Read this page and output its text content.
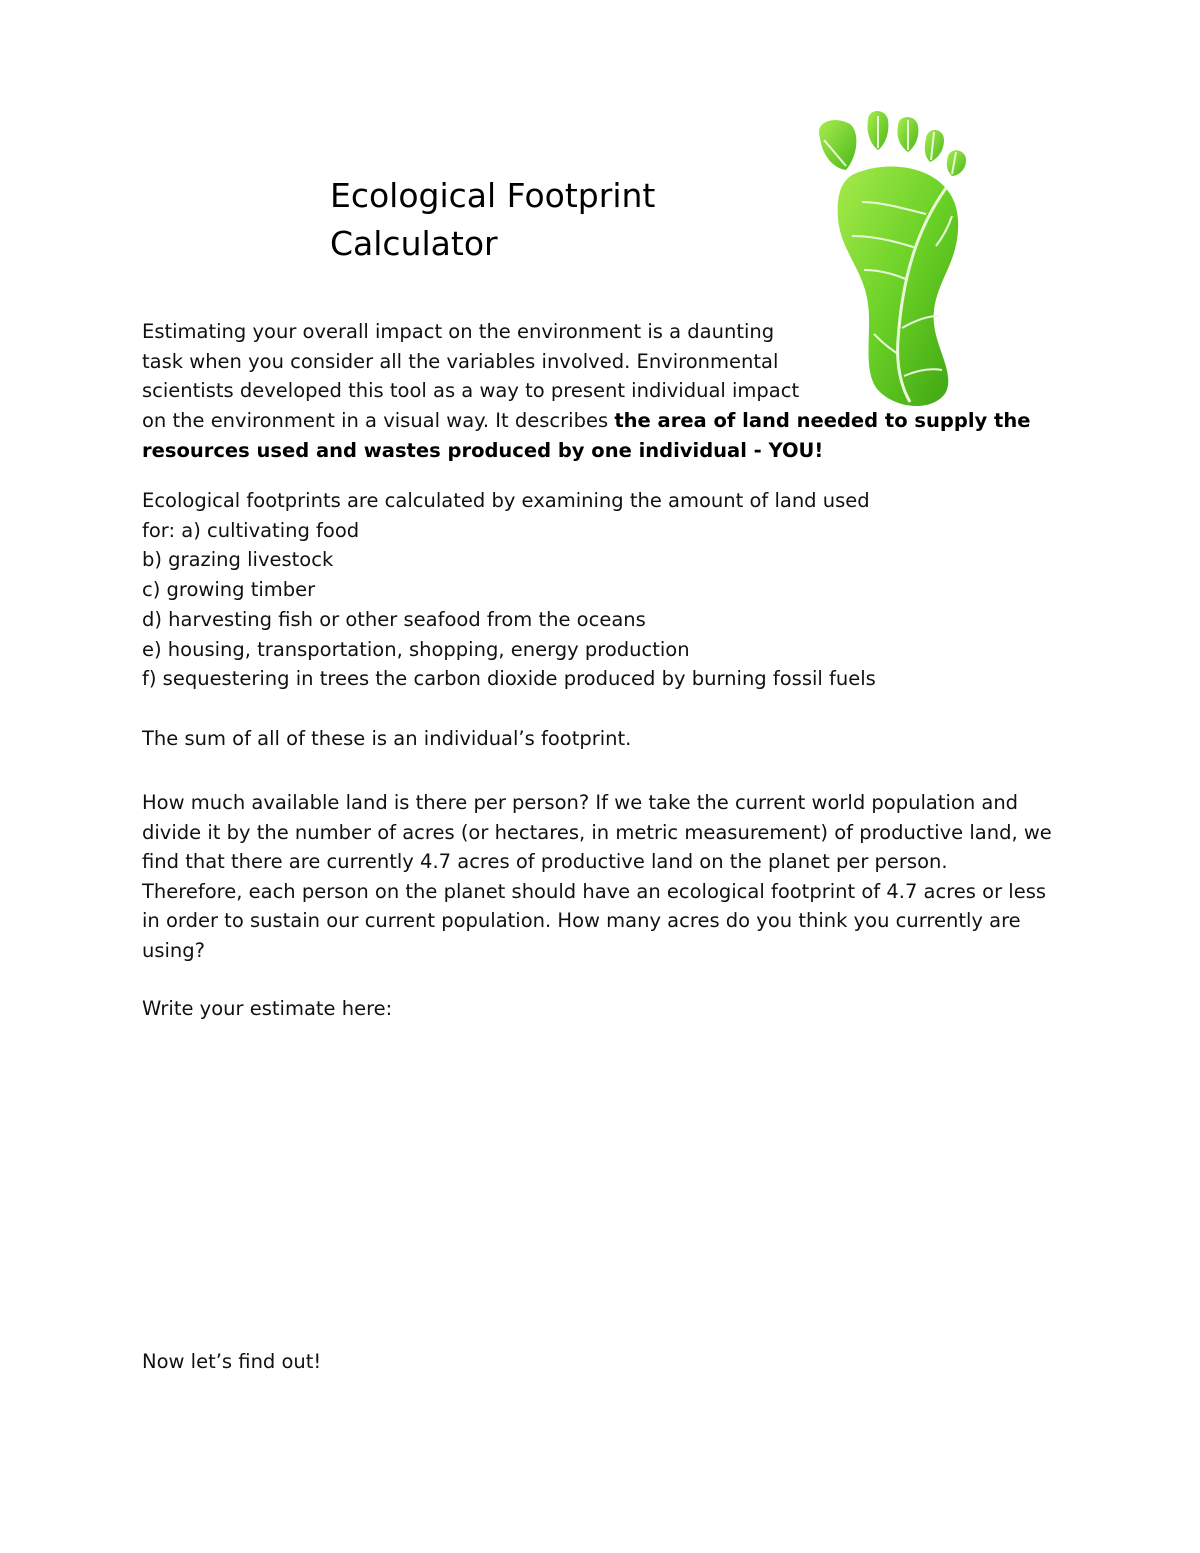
Ecological Footprint
Calculator

Estimating your overall impact on the environment is a daunting
task when you consider all the variables involved. Environmental
scientists developed this tool as a way to present individual impact
on the environment in a visual way. It describes the area of land needed to supply the resources used and wastes produced by one individual - YOU!

Ecological footprints are calculated by examining the amount of land used
for: a) cultivating food
b) grazing livestock
c) growing timber
d) harvesting fish or other seafood from the oceans
e) housing, transportation, shopping, energy production
f) sequestering in trees the carbon dioxide produced by burning fossil fuels

The sum of all of these is an individual’s footprint.

How much available land is there per person? If we take the current world population and divide it by the number of acres (or hectares, in metric measurement) of productive land, we find that there are currently 4.7 acres of productive land on the planet per person. Therefore, each person on the planet should have an ecological footprint of 4.7 acres or less in order to sustain our current population. How many acres do you think you currently are using?

Write your estimate here:

Now let’s find out!
